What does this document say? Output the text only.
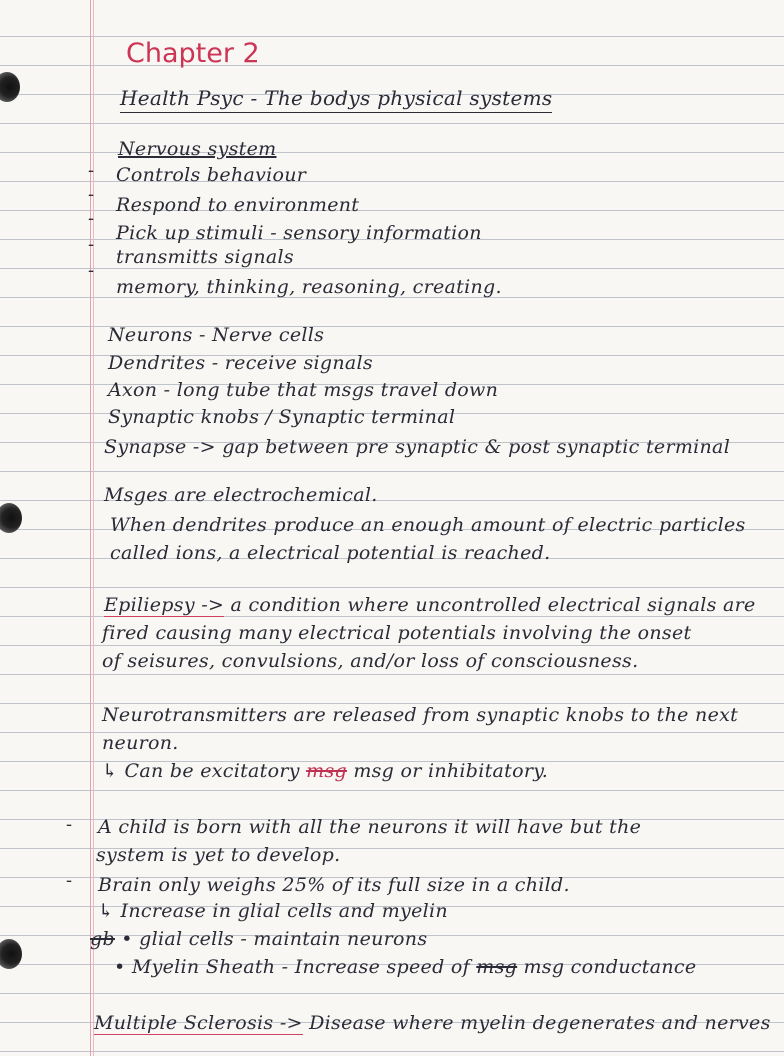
Chapter 2
Health Psyc - The bodys physical systems
Nervous system
-
-
-
-
-
Controls behaviour
Respond to environment
Pick up stimuli - sensory information
transmitts signals
memory, thinking, reasoning, creating.
Neurons - Nerve cells
Dendrites - receive signals
Axon - long tube that msgs travel down
Synaptic knobs / Synaptic terminal
Synapse -> gap between pre synaptic & post synaptic terminal
Msges are electrochemical.
When dendrites produce an enough amount of electric particles
called ions, a electrical potential is reached.
Epiliepsy -> a condition where uncontrolled electrical signals are
fired causing many electrical potentials involving the onset
of seisures, convulsions, and/or loss of consciousness.
Neurotransmitters are released from synaptic knobs to the next
neuron.
↳ Can be excitatory msg msg or inhibitatory.
- A child is born with all the neurons it will have but the
system is yet to develop.
- Brain only weighs 25% of its full size in a child.
↳ Increase in glial cells and myelin
gb • glial cells - maintain neurons
• Myelin Sheath - Increase speed of msg msg conductance
Multiple Sclerosis -> Disease where myelin degenerates and nerves
